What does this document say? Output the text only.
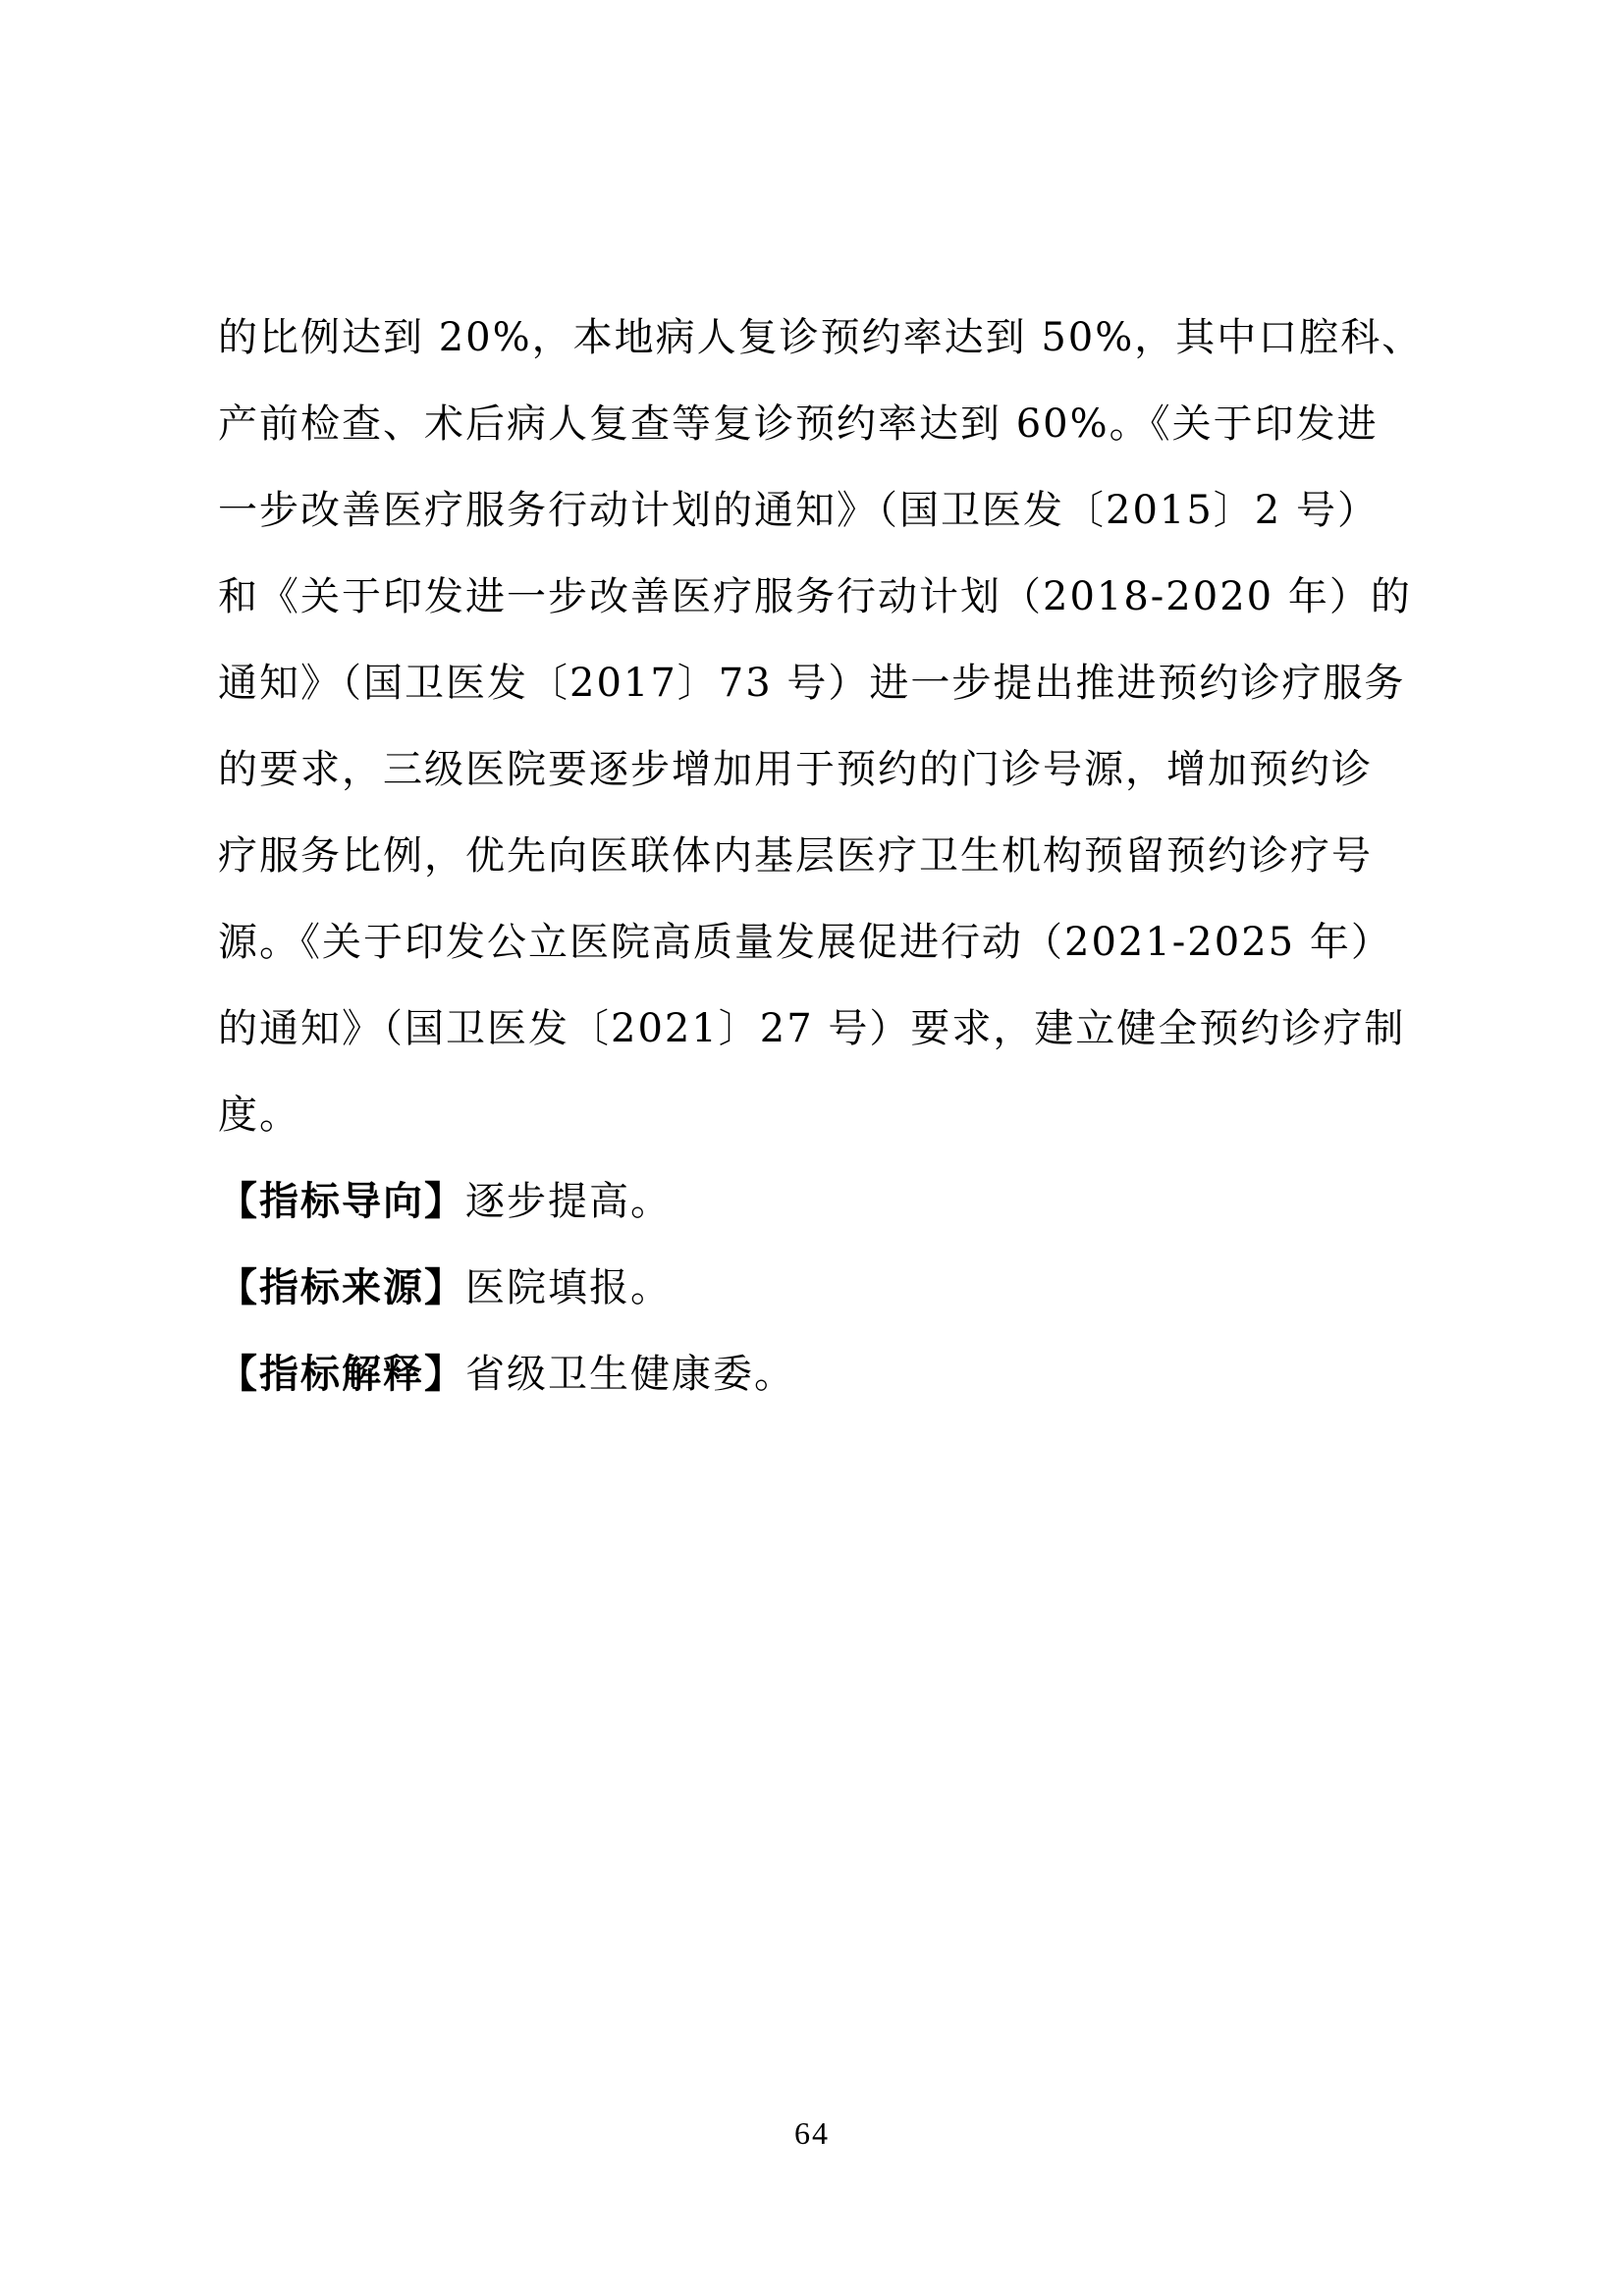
的比例达到 20%，本地病人复诊预约率达到 50%，其中口腔科、
产前检查、术后病人复查等复诊预约率达到 60%。《关于印发进
一步改善医疗服务行动计划的通知》（国卫医发〔2015〕2 号）
和《关于印发进一步改善医疗服务行动计划（2018-2020 年）的
通知》（国卫医发〔2017〕73 号）进一步提出推进预约诊疗服务
的要求，三级医院要逐步增加用于预约的门诊号源，增加预约诊
疗服务比例，优先向医联体内基层医疗卫生机构预留预约诊疗号
源。《关于印发公立医院高质量发展促进行动（2021-2025 年）
的通知》（国卫医发〔2021〕27 号）要求，建立健全预约诊疗制
度。
【指标导向】逐步提高。
【指标来源】医院填报。
【指标解释】省级卫生健康委。
64
